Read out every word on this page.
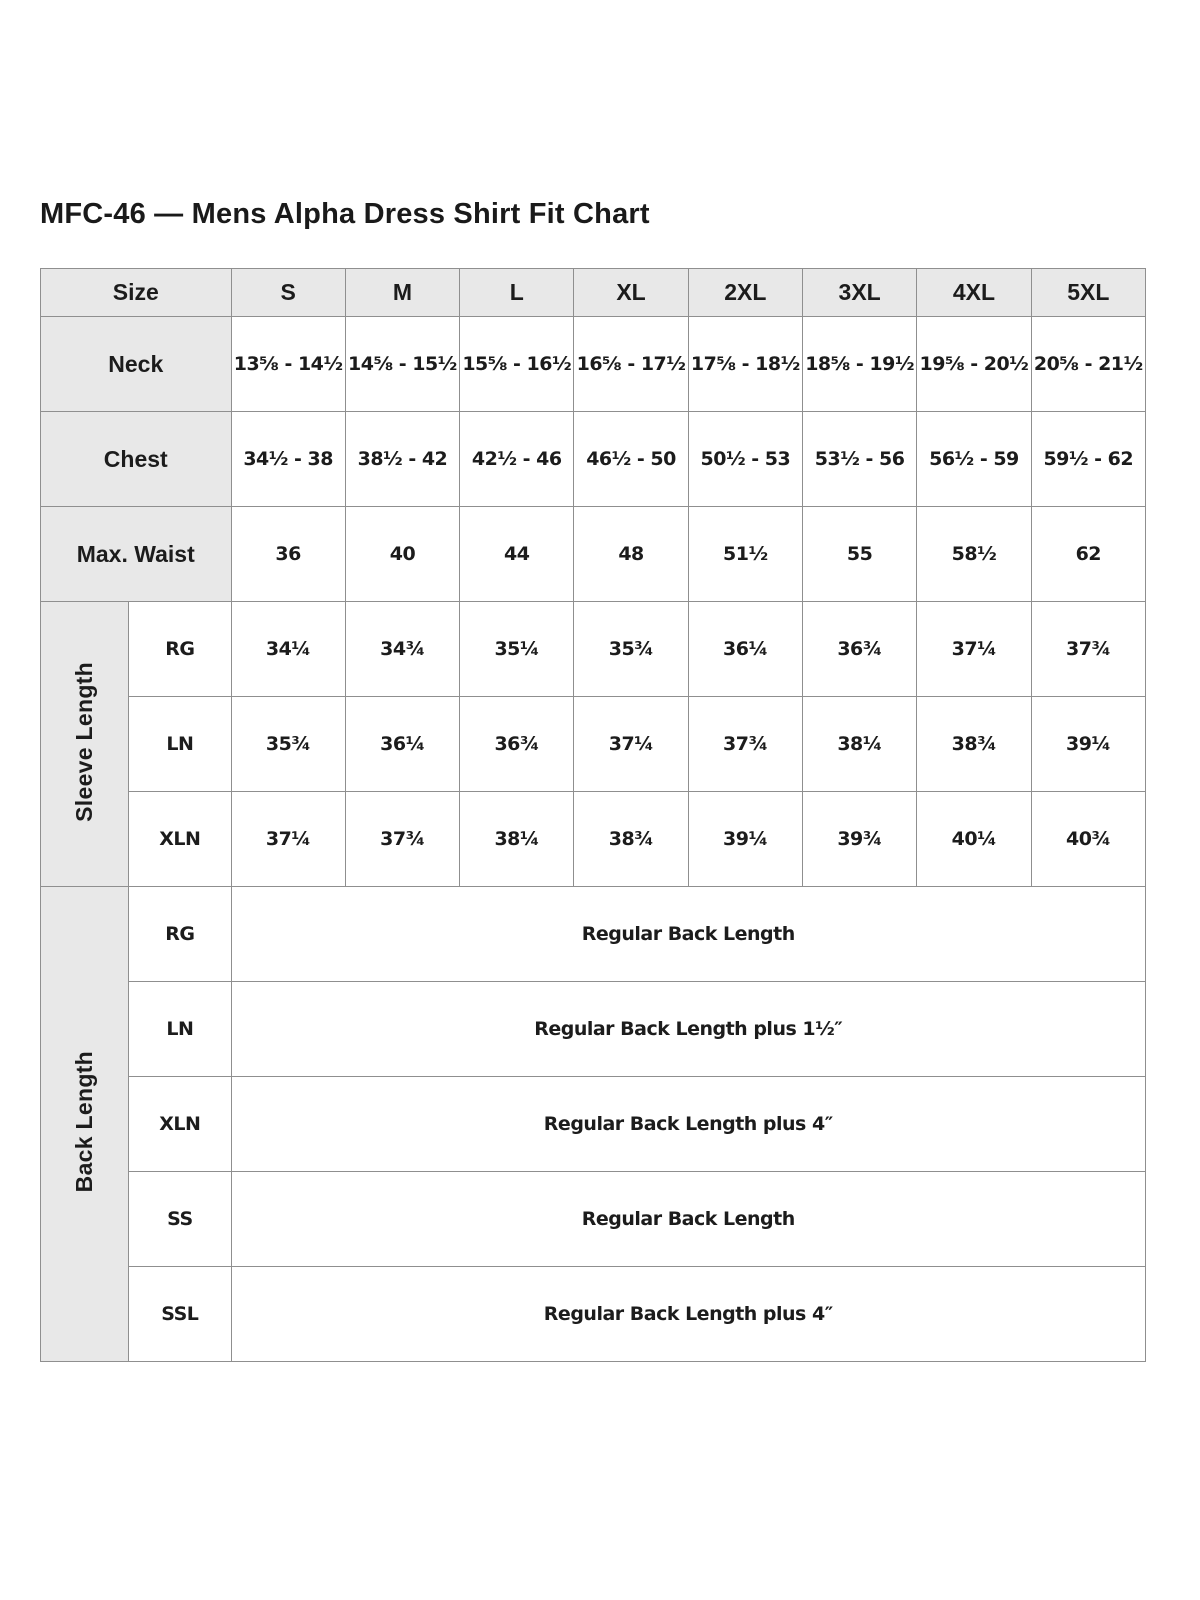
MFC-46 — Mens Alpha Dress Shirt Fit Chart
Size		S	M	L	XL	2XL	3XL	4XL	5XL
Neck		13⅝ - 14½	14⅝ - 15½	15⅝ - 16½	16⅝ - 17½	17⅝ - 18½	18⅝ - 19½	19⅝ - 20½	20⅝ - 21½
Chest		34½ - 38	38½ - 42	42½ - 46	46½ - 50	50½ - 53	53½ - 56	56½ - 59	59½ - 62
Max. Waist		36	40	44	48	51½	55	58½	62
Sleeve Length	RG	34¼	34¾	35¼	35¾	36¼	36¾	37¼	37¾
	LN	35¾	36¼	36¾	37¼	37¾	38¼	38¾	39¼
	XLN	37¼	37¾	38¼	38¾	39¼	39¾	40¼	40¾
Back Length	RG	Regular Back Length							
	LN	Regular Back Length plus 1½″							
	XLN	Regular Back Length plus 4″							
	SS	Regular Back Length							
	SSL	Regular Back Length plus 4″							
